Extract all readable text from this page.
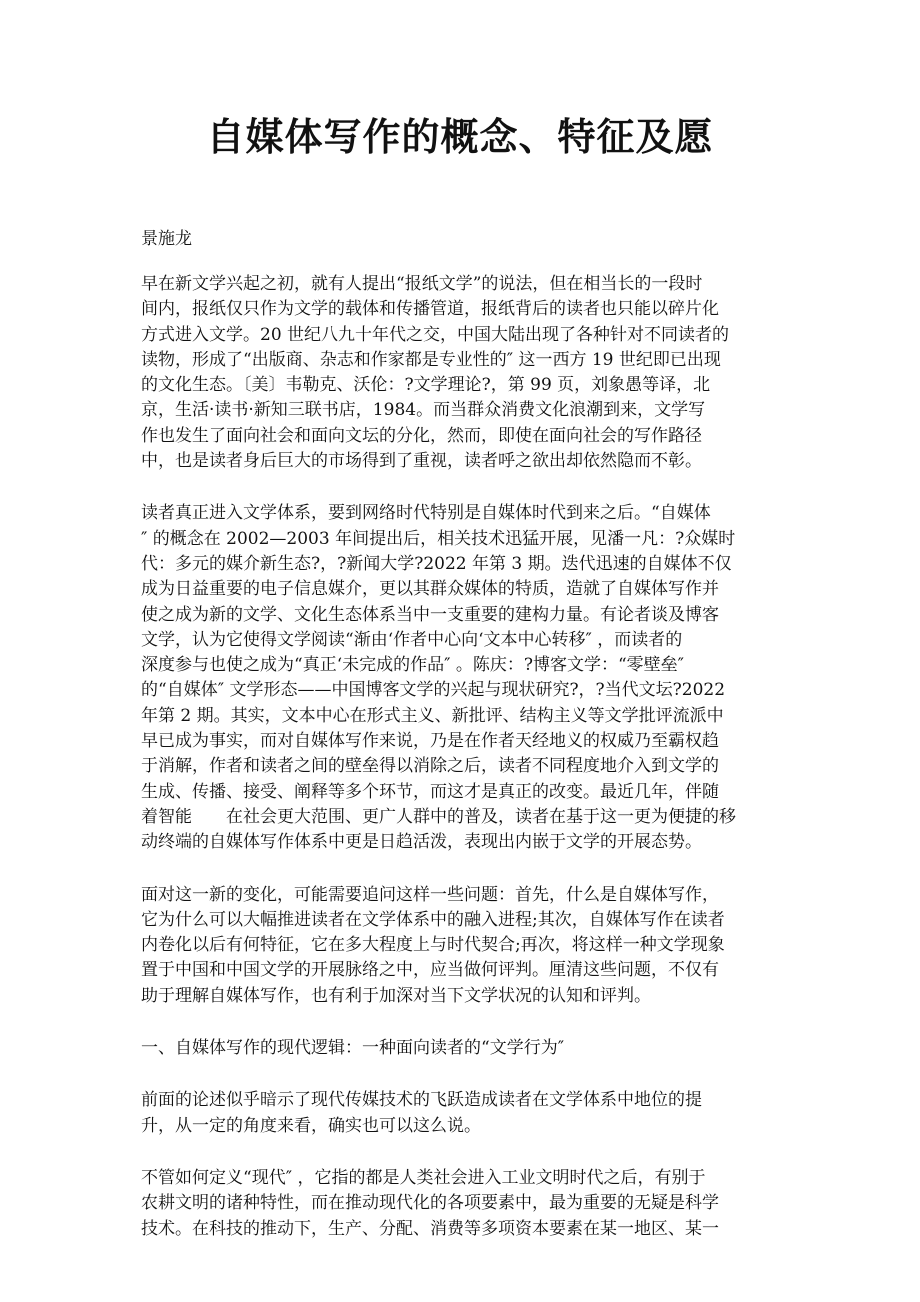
自媒体写作的概念、特征及愿

景施龙

早在新文学兴起之初，就有人提出“报纸文学”的说法，但在相当长的一段时
间内，报纸仅只作为文学的载体和传播管道，报纸背后的读者也只能以碎片化
方式进入文学。20 世纪八九十年代之交，中国大陆出现了各种针对不同读者的
读物，形成了“出版商、杂志和作家都是专业性的″ 这一西方 19 世纪即已出现
的文化生态。〔美〕韦勒克、沃伦：?文学理论?，第 99 页，刘象愚等译，北
京，生活·读书·新知三联书店，1984。而当群众消费文化浪潮到来，文学写
作也发生了面向社会和面向文坛的分化，然而，即使在面向社会的写作路径
中，也是读者身后巨大的市场得到了重视，读者呼之欲出却依然隐而不彰。
读者真正进入文学体系，要到网络时代特别是自媒体时代到来之后。“自媒体
″ 的概念在 2002—2003 年间提出后，相关技术迅猛开展，见潘一凡：?众媒时
代：多元的媒介新生态?，?新闻大学?2022 年第 3 期。迭代迅速的自媒体不仅
成为日益重要的电子信息媒介，更以其群众媒体的特质，造就了自媒体写作并
使之成为新的文学、文化生态体系当中一支重要的建构力量。有论者谈及博客
文学，认为它使得文学阅读“渐由‘作者中心向‘文本中心转移″ ，而读者的
深度参与也使之成为“真正‘未完成的作品″ 。陈庆：?博客文学：“零壁垒″
的“自媒体″ 文学形态——中国博客文学的兴起与现状研究?，?当代文坛?2022
年第 2 期。其实，文本中心在形式主义、新批评、结构主义等文学批评流派中
早已成为事实，而对自媒体写作来说，乃是在作者天经地义的权威乃至霸权趋
于消解，作者和读者之间的壁垒得以消除之后，读者不同程度地介入到文学的
生成、传播、接受、阐释等多个环节，而这才是真正的改变。最近几年，伴随
着智能　　在社会更大范围、更广人群中的普及，读者在基于这一更为便捷的移
动终端的自媒体写作体系中更是日趋活泼，表现出内嵌于文学的开展态势。
面对这一新的变化，可能需要追问这样一些问题：首先，什么是自媒体写作，
它为什么可以大幅推进读者在文学体系中的融入进程;其次，自媒体写作在读者
内卷化以后有何特征，它在多大程度上与时代契合;再次，将这样一种文学现象
置于中国和中国文学的开展脉络之中，应当做何评判。厘清这些问题，不仅有
助于理解自媒体写作，也有利于加深对当下文学状况的认知和评判。

一、自媒体写作的现代逻辑：一种面向读者的“文学行为″

前面的论述似乎暗示了现代传媒技术的飞跃造成读者在文学体系中地位的提
升，从一定的角度来看，确实也可以这么说。
不管如何定义“现代″ ，它指的都是人类社会进入工业文明时代之后，有别于
农耕文明的诸种特性，而在推动现代化的各项要素中，最为重要的无疑是科学
技术。在科技的推动下，生产、分配、消费等多项资本要素在某一地区、某一
